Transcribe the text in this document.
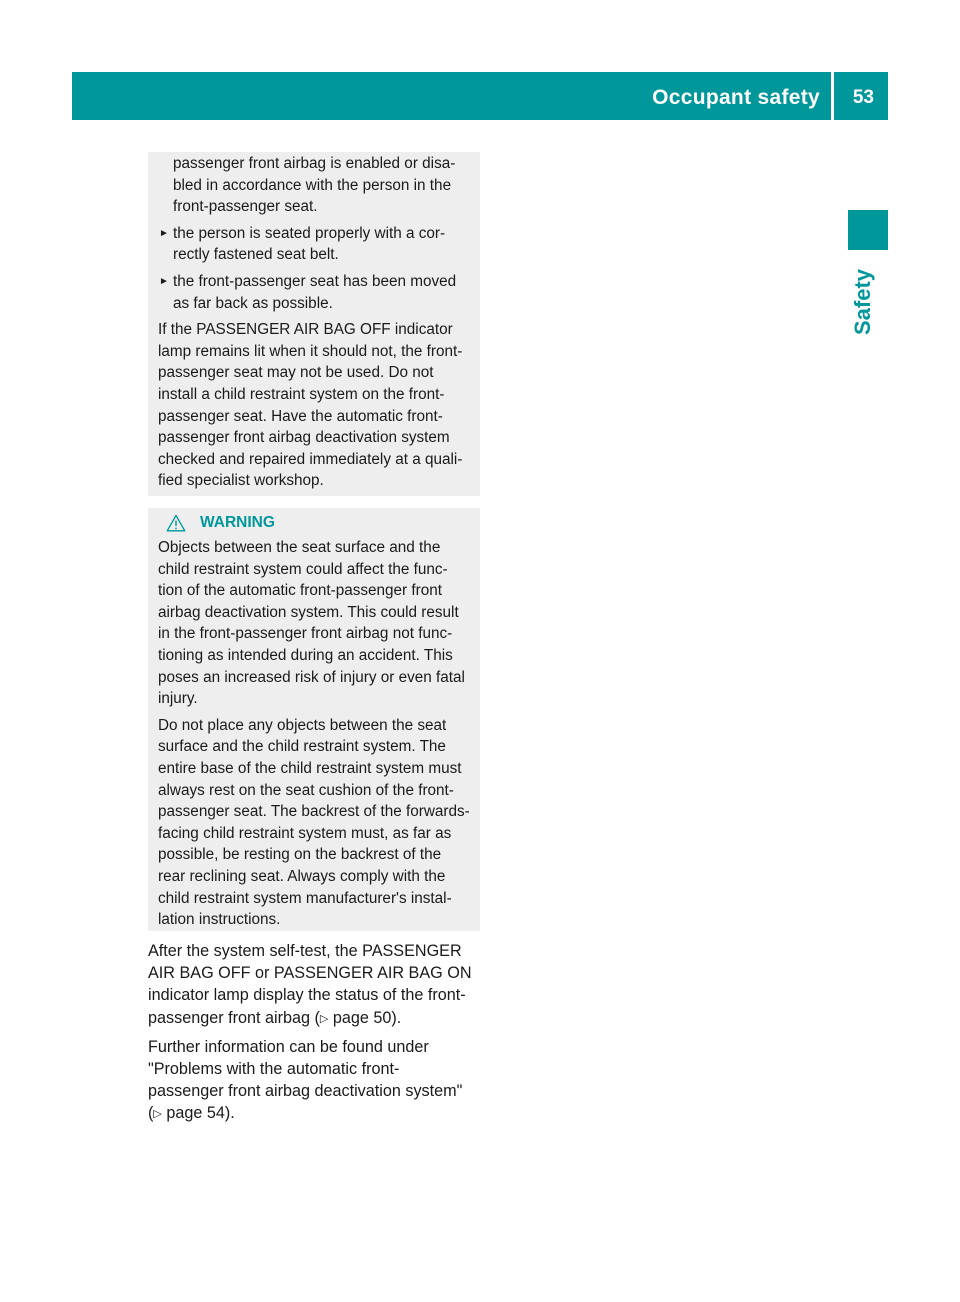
Occupant safety 53
Safety
passenger front airbag is enabled or disa-
bled in accordance with the person in the
front-passenger seat.
► the person is seated properly with a cor-
rectly fastened seat belt.
► the front-passenger seat has been moved
as far back as possible.
If the PASSENGER AIR BAG OFF indicator
lamp remains lit when it should not, the front-
passenger seat may not be used. Do not
install a child restraint system on the front-
passenger seat. Have the automatic front-
passenger front airbag deactivation system
checked and repaired immediately at a quali-
fied specialist workshop.
WARNING
Objects between the seat surface and the
child restraint system could affect the func-
tion of the automatic front-passenger front
airbag deactivation system. This could result
in the front-passenger front airbag not func-
tioning as intended during an accident. This
poses an increased risk of injury or even fatal
injury.
Do not place any objects between the seat
surface and the child restraint system. The
entire base of the child restraint system must
always rest on the seat cushion of the front-
passenger seat. The backrest of the forwards-
facing child restraint system must, as far as
possible, be resting on the backrest of the
rear reclining seat. Always comply with the
child restraint system manufacturer's instal-
lation instructions.
After the system self-test, the PASSENGER
AIR BAG OFF or PASSENGER AIR BAG ON
indicator lamp display the status of the front-
passenger front airbag (▷ page 50).
Further information can be found under
"Problems with the automatic front-
passenger front airbag deactivation system"
(▷ page 54).
